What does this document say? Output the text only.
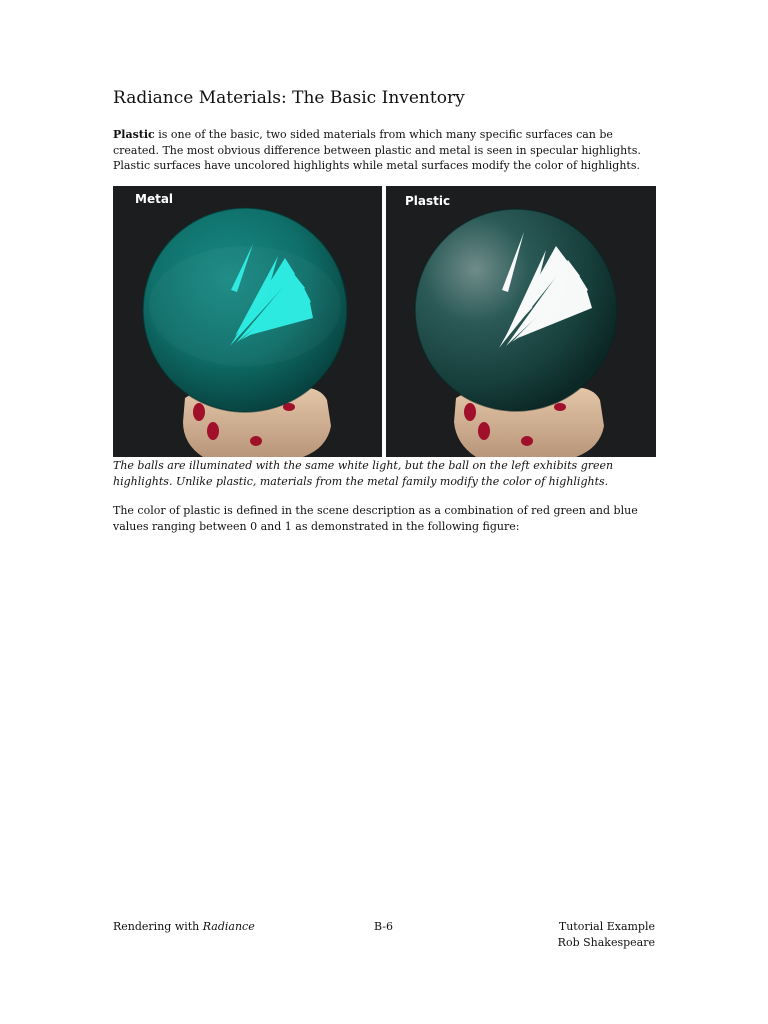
Radiance Materials: The Basic Inventory

Plastic is one of the basic, two sided materials from which many specific surfaces can be created. The most obvious difference between plastic and metal is seen in specular highlights. Plastic surfaces have uncolored highlights while metal surfaces modify the color of highlights.

Metal	Plastic

The balls are illuminated with the same white light, but the ball on the left exhibits green highlights. Unlike plastic, materials from the metal family modify the color of highlights.

The color of plastic is defined in the scene description as a combination of red green and blue values ranging between 0 and 1 as demonstrated in the following figure:

Rendering with Radiance	B-6	Tutorial Example
Rob Shakespeare
